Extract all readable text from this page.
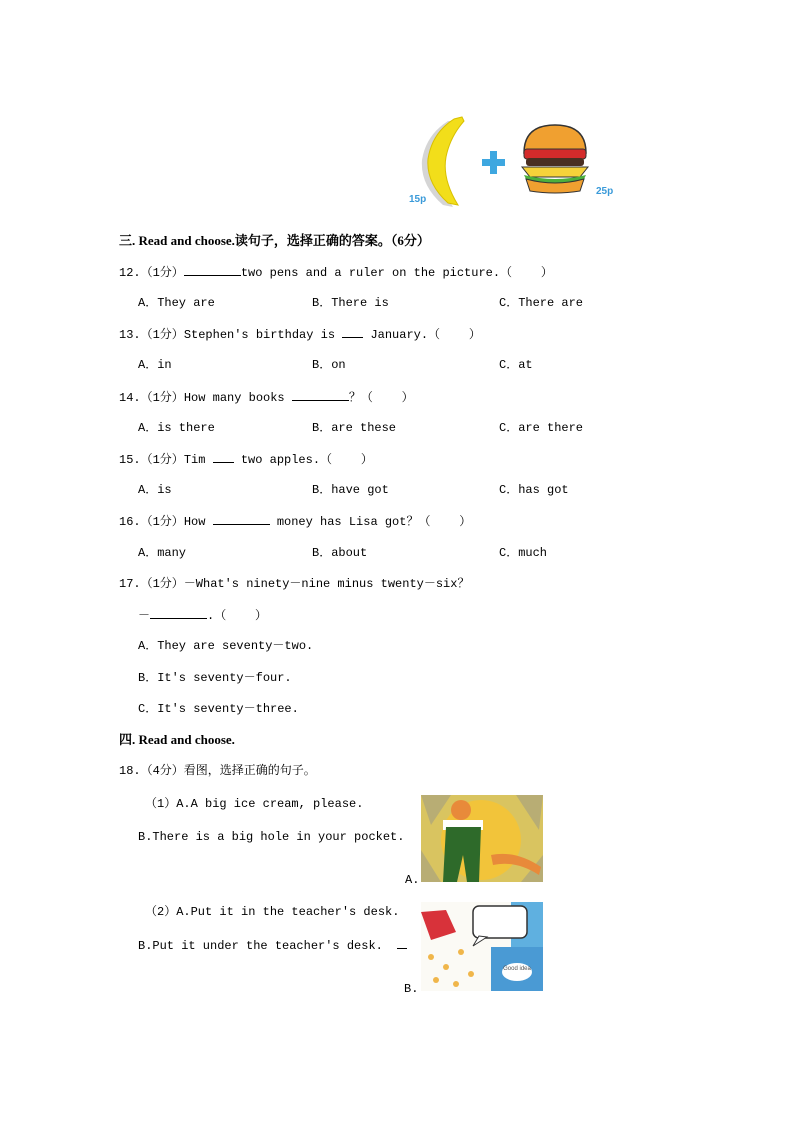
15p
25p
三. Read and choose.读句子，选择正确的答案。（6分）
12.（1分）	two pens and a ruler on the picture.（    ）
A．They are	B．There is	C．There are
13.（1分）Stephen's birthday is  January.（    ）
A．in	B．on	C．at
14.（1分）How many books	？（    ）
A．is there	B．are these	C．are there
15.（1分）Tim  two apples.（    ）
A．is	B．have got	C．has got
16.（1分）How	money has Lisa got？（    ）
A．many	B．about	C．much
17.（1分）－What's ninety－nine minus twenty－six？
－	.（    ）
A．They are seventy－two.
B．It's seventy－four.
C．It's seventy－three.
四. Read and choose.
18.（4分）看图，选择正确的句子。
（1）A.A big ice cream, please.
B.There is a big hole in your pocket.
A.
（2）A.Put it in the teacher's desk.
B.Put it under the teacher's desk.
B.
Good idea
